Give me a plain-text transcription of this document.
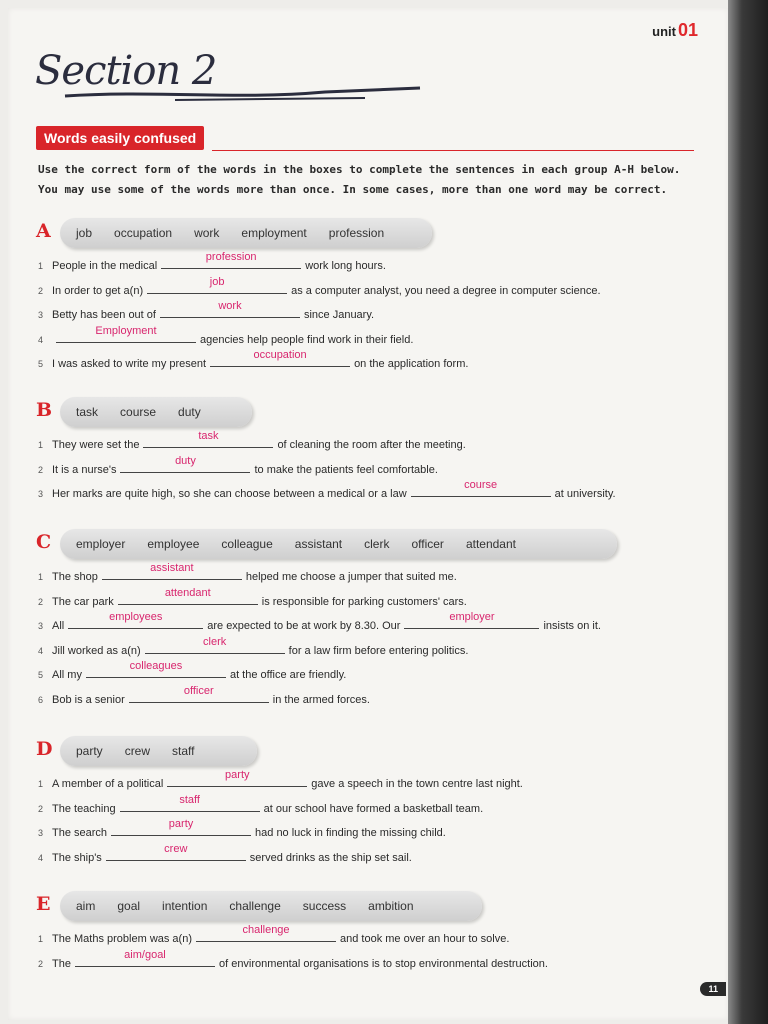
unit 01
Section 2
Words easily confused
Use the correct form of the words in the boxes to complete the sentences in each group A-H below. You may use some of the words more than once. In some cases, more than one word may be correct.
A job occupation work employment profession
1 People in the medical
profession
work long hours.
2 In order to get a(n)
job
as a computer analyst, you need a degree in computer science.
3 Betty has been out of
work
since January.
4
Employment
agencies help people find work in their field.
5 I was asked to write my present
occupation
on the application form.
B task course duty
1 They were set the
task
of cleaning the room after the meeting.
2 It is a nurse's
duty
to make the patients feel comfortable.
3 Her marks are quite high, so she can choose between a medical or a law
course
at university.
C employer employee colleague assistant clerk officer attendant
1 The shop
assistant
helped me choose a jumper that suited me.
2 The car park
attendant
is responsible for parking customers' cars.
3 All
employees
are expected to be at work by 8.30. Our
employer
insists on it.
4 Jill worked as a(n)
clerk
for a law firm before entering politics.
5 All my
colleagues
at the office are friendly.
6 Bob is a senior
officer
in the armed forces.
D party crew staff
1 A member of a political
party
gave a speech in the town centre last night.
2 The teaching
staff
at our school have formed a basketball team.
3 The search
party
had no luck in finding the missing child.
4 The ship's
crew
served drinks as the ship set sail.
E aim goal intention challenge success ambition
1 The Maths problem was a(n)
challenge
and took me over an hour to solve.
2 The
aim/goal
of environmental organisations is to stop environmental destruction.
11
